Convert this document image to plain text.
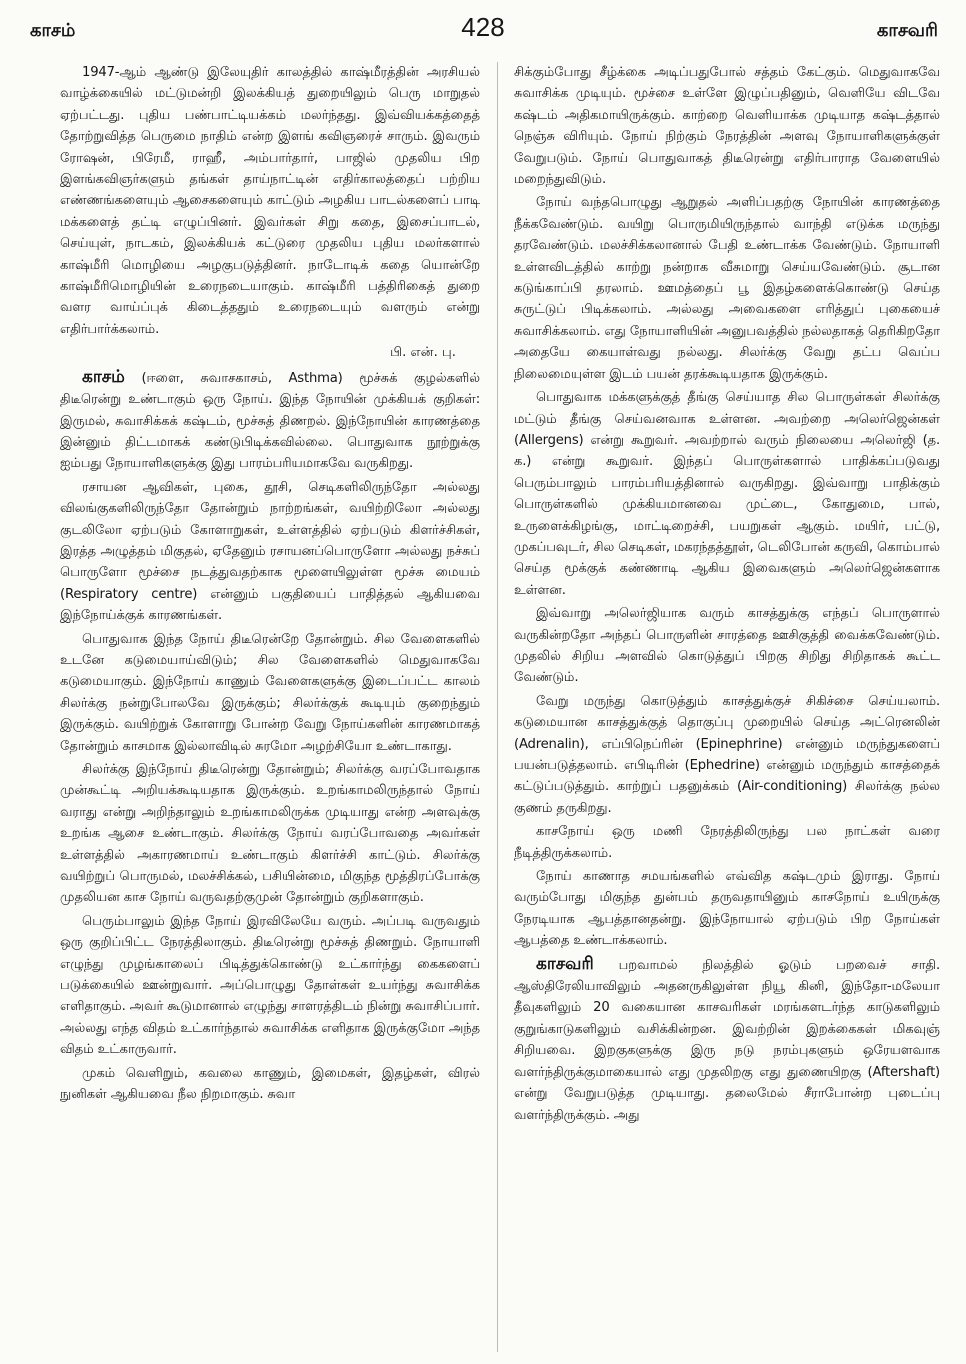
காசம்	428	காசவரி

1947-ஆம் ஆண்டு இலேயுதிர் காலத்தில் காஷ்மீரத்தின் அரசியல் வாழ்க்கையில் மட்டுமன்றி இலக்கியத் துறையிலும் பெரு மாறுதல் ஏற்பட்டது. புதிய பண்பாட்டியக்கம் மலர்ந்தது. இவ்வியக்கத்தைத் தோற்றுவித்த பெருமை நாதிம் என்ற இளங் கவிஞரைச் சாரும். இவரும் ரோஷன், பிரேமீ, ராஹீ, அம்பார்தார், பாஜில் முதலிய பிற இளங்கவிஞர்களும் தங்கள் தாய்நாட்டின் எதிர்காலத்தைப் பற்றிய எண்ணங்களையும் ஆசைகளையும் காட்டும் அழகிய பாடல்களைப் பாடி மக்களைத் தட்டி எழுப்பினர். இவர்கள் சிறு கதை, இசைப்பாடல், செய்யுள், நாடகம், இலக்கியக் கட்டுரை முதலிய புதிய மலர்களால் காஷ்மீரி மொழியை அழகுபடுத்தினர். நாடோடிக் கதை யொன்றே காஷ்மீரிமொழியின் உரைநடையாகும். காஷ்மீரி பத்திரிகைத் துறை வளர வாய்ப்புக் கிடைத்ததும் உரைநடையும் வளரும் என்று எதிர்பார்க்கலாம்.

பி. என். பு.

காசம் (ஈளை, சுவாசகாசம், Asthma) மூச்சுக் குழல்களில் திடீரென்று உண்டாகும் ஒரு நோய். இந்த நோயின் முக்கியக் குறிகள்: இருமல், சுவாசிக்கக் கஷ்டம், மூச்சுத் திணறல். இந்நோயின் காரணத்தை இன்னும் திட்டமாகக் கண்டுபிடிக்கவில்லை. பொதுவாக நூற்றுக்கு ஐம்பது நோயாளிகளுக்கு இது பாரம்பரியமாகவே வருகிறது.

ரசாயன ஆவிகள், புகை, தூசி, செடிகளிலிருந்தோ அல்லது விலங்குகளிலிருந்தோ தோன்றும் நாற்றங்கள், வயிற்றிலோ அல்லது குடலிலோ ஏற்படும் கோளாறுகள், உள்ளத்தில் ஏற்படும் கிளர்ச்சிகள், இரத்த அழுத்தம் மிகுதல், ஏதேனும் ரசாயனப்பொருளோ அல்லது நச்சுப் பொருளோ மூச்சை நடத்துவதற்காக மூளையிலுள்ள மூச்சு மையம் (Respiratory centre) என்னும் பகுதியைப் பாதித்தல் ஆகியவை இந்நோய்க்குக் காரணங்கள்.

பொதுவாக இந்த நோய் திடீரென்றே தோன்றும். சில வேளைகளில் உடனே கடுமையாய்விடும்; சில வேளைகளில் மெதுவாகவே கடுமையாகும். இந்நோய் காணும் வேளைகளுக்கு இடைப்பட்ட காலம் சிலர்க்கு நன்றுபோலவே இருக்கும்; சிலர்க்குக் கூடியும் குறைந்தும் இருக்கும். வயிற்றுக் கோளாறு போன்ற வேறு நோய்களின் காரணமாகத் தோன்றும் காசமாக இல்லாவிடில் சுரமோ அழற்சியோ உண்டாகாது.

சிலர்க்கு இந்நோய் திடீரென்று தோன்றும்; சிலர்க்கு வரப்போவதாக முன்கூட்டி அறியக்கூடியதாக இருக்கும். உறங்காமலிருந்தால் நோய் வராது என்று அறிந்தாலும் உறங்காமலிருக்க முடியாது என்ற அளவுக்கு உறங்க ஆசை உண்டாகும். சிலர்க்கு நோய் வரப்போவதை அவர்கள் உள்ளத்தில் அகாரணமாய் உண்டாகும் கிளர்ச்சி காட்டும். சிலர்க்கு வயிற்றுப் பொருமல், மலச்சிக்கல், பசியின்மை, மிகுந்த மூத்திரப்போக்கு முதலியன காச நோய் வருவதற்குமுன் தோன்றும் குறிகளாகும்.

பெரும்பாலும் இந்த நோய் இரவிலேயே வரும். அப்படி வருவதும் ஒரு குறிப்பிட்ட நேரத்திலாகும். திடீரென்று மூச்சுத் திணறும். நோயாளி எழுந்து முழங்காலைப் பிடித்துக்கொண்டு உட்கார்ந்து கைகளைப் படுக்கையில் ஊன்றுவார். அப்பொழுது தோள்கள் உயர்ந்து சுவாசிக்க எளிதாகும். அவர் கூடுமானால் எழுந்து சாளரத்திடம் நின்று சுவாசிப்பார். அல்லது எந்த விதம் உட்கார்ந்தால் சுவாசிக்க எளிதாக இருக்குமோ அந்த விதம் உட்காருவார்.

முகம் வெளிறும், கவலை காணும், இமைகள், இதழ்கள், விரல் நுனிகள் ஆகியவை நீல நிறமாகும். சுவா

சிக்கும்போது சீழ்க்கை அடிப்பதுபோல் சத்தம் கேட்கும். மெதுவாகவே சுவாசிக்க முடியும். மூச்சை உள்ளே இழுப்பதினும், வெளியே விடவே கஷ்டம் அதிகமாயிருக்கும். காற்றை வெளியாக்க முடியாத கஷ்டத்தால் நெஞ்சு விரியும். நோய் நிற்கும் நேரத்தின் அளவு நோயாளிகளுக்குள் வேறுபடும். நோய் பொதுவாகத் திடீரென்று எதிர்பாராத வேளையில் மறைந்துவிடும்.

நோய் வந்தபொழுது ஆறுதல் அளிப்பதற்கு நோயின் காரணத்தை நீக்கவேண்டும். வயிறு பொருமியிருந்தால் வாந்தி எடுக்க மருந்து தரவேண்டும். மலச்சிக்கலானால் பேதி உண்டாக்க வேண்டும். நோயாளி உள்ளவிடத்தில் காற்று நன்றாக வீசுமாறு செய்யவேண்டும். சூடான கடுங்காப்பி தரலாம். ஊமத்தைப் பூ இதழ்களைக்கொண்டு செய்த சுருட்டுப் பிடிக்கலாம். அல்லது அவைகளை எரித்துப் புகையைச் சுவாசிக்கலாம். எது நோயாளியின் அனுபவத்தில் நல்லதாகத் தெரிகிறதோ அதையே கையாள்வது நல்லது. சிலர்க்கு வேறு தட்ப வெப்ப நிலைமையுள்ள இடம் பயன் தரக்கூடியதாக இருக்கும்.

பொதுவாக மக்களுக்குத் தீங்கு செய்யாத சில பொருள்கள் சிலர்க்கு மட்டும் தீங்கு செய்வனவாக உள்ளன. அவற்றை அலெர்ஜென்கள் (Allergens) என்று கூறுவர். அவற்றால் வரும் நிலையை அலெர்ஜி (த. க.) என்று கூறுவர். இந்தப் பொருள்களால் பாதிக்கப்படுவது பெரும்பாலும் பாரம்பரியத்தினால் வருகிறது. இவ்வாறு பாதிக்கும் பொருள்களில் முக்கியமானவை முட்டை, கோதுமை, பால், உருளைக்கிழங்கு, மாட்டிறைச்சி, பயறுகள் ஆகும். மயிர், பட்டு, முகப்பவுடர், சில செடிகள், மகரந்தத்தூள், டெலிபோன் கருவி, கொம்பால் செய்த மூக்குக் கண்ணாடி ஆகிய இவைகளும் அலெர்ஜென்களாக உள்ளன.

இவ்வாறு அலெர்ஜியாக வரும் காசத்துக்கு எந்தப் பொருளால் வருகின்றதோ அந்தப் பொருளின் சாரத்தை ஊசிகுத்தி வைக்கவேண்டும். முதலில் சிறிய அளவில் கொடுத்துப் பிறகு சிறிது சிறிதாகக் கூட்ட வேண்டும்.

வேறு மருந்து கொடுத்தும் காசத்துக்குச் சிகிச்சை செய்யலாம். கடுமையான காசத்துக்குத் தொகுப்பு முறையில் செய்த அட்ரெனலின் (Adrenalin), எப்பிநெப்ரின் (Epinephrine) என்னும் மருந்துகளைப் பயன்படுத்தலாம். எபிடிரின் (Ephedrine) என்னும் மருந்தும் காசத்தைக் கட்டுப்படுத்தும். காற்றுப் பதனுக்கம் (Air-conditioning) சிலர்க்கு நல்ல குணம் தருகிறது.

காசநோய் ஒரு மணி நேரத்திலிருந்து பல நாட்கள் வரை நீடித்திருக்கலாம்.

நோய் காணாத சமயங்களில் எவ்வித கஷ்டமும் இராது. நோய் வரும்போது மிகுந்த துன்பம் தருவதாயினும் காசநோய் உயிருக்கு நேரடியாக ஆபத்தானதன்று. இந்நோயால் ஏற்படும் பிற நோய்கள் ஆபத்தை உண்டாக்கலாம்.

காசவரி பறவாமல் நிலத்தில் ஓடும் பறவைச் சாதி. ஆஸ்திரேலியாவிலும் அதனருகிலுள்ள நியூ கினி, இந்தோ-மலேயா தீவுகளிலும் 20 வகையான காசவரிகள் மரங்களடர்ந்த காடுகளிலும் குறுங்காடுகளிலும் வசிக்கின்றன. இவற்றின் இறக்கைகள் மிகவுஞ் சிறியவை. இறகுகளுக்கு இரு நடு நரம்புகளும் ஒரேயளவாக வளர்ந்திருக்குமாகையால் எது முதலிறகு எது துணையிறகு (Aftershaft) என்று வேறுபடுத்த முடியாது. தலைமேல் சீராபோன்ற புடைப்பு வளர்ந்திருக்கும். அது
